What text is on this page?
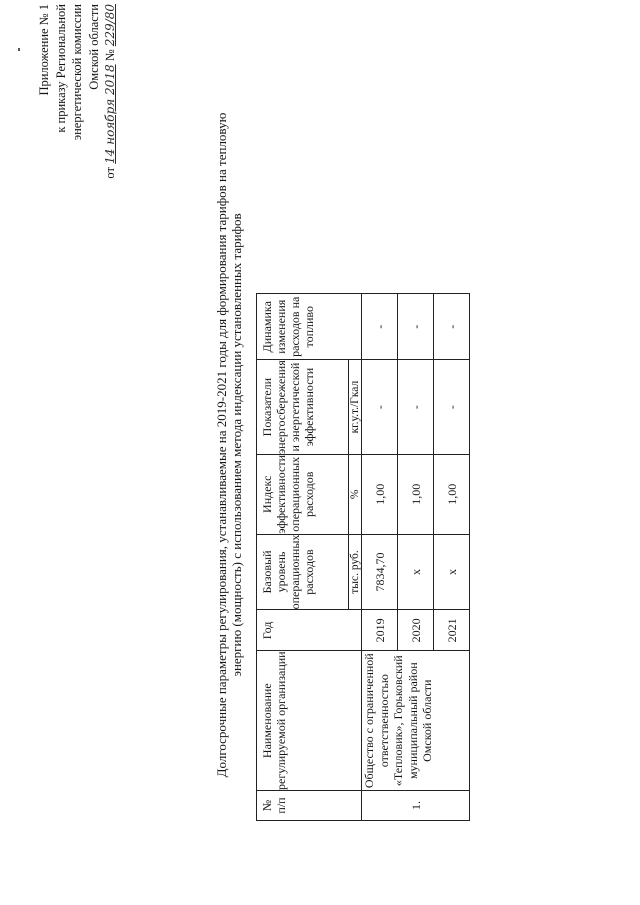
Приложение № 1 к приказу Региональной энергетической комиссии Омской области
от 14 ноября 2018 № 229/80
Долгосрочные параметры регулирования, устанавливаемые на 2019-2021 годы для формирования тарифов на тепловую энергию (мощность) с использованием метода индексации установленных тарифов
№ п/п	Наименование регулируемой организации	Год	Базовый уровень операционных расходов	Индекс эффективности операционных расходов	Показатели энергосбережения и энергетической эффективности	Динамика изменения расходов на топливо

			тыс. руб.	%	кг.у.т./Гкал	
1.	Общество с ограниченной ответственностью «Тепловик», Горьковский муниципальный район Омской области	2019	7834,70	1,00	-	-
		2020	х	1,00	-	-
		2021	х	1,00	-	-
